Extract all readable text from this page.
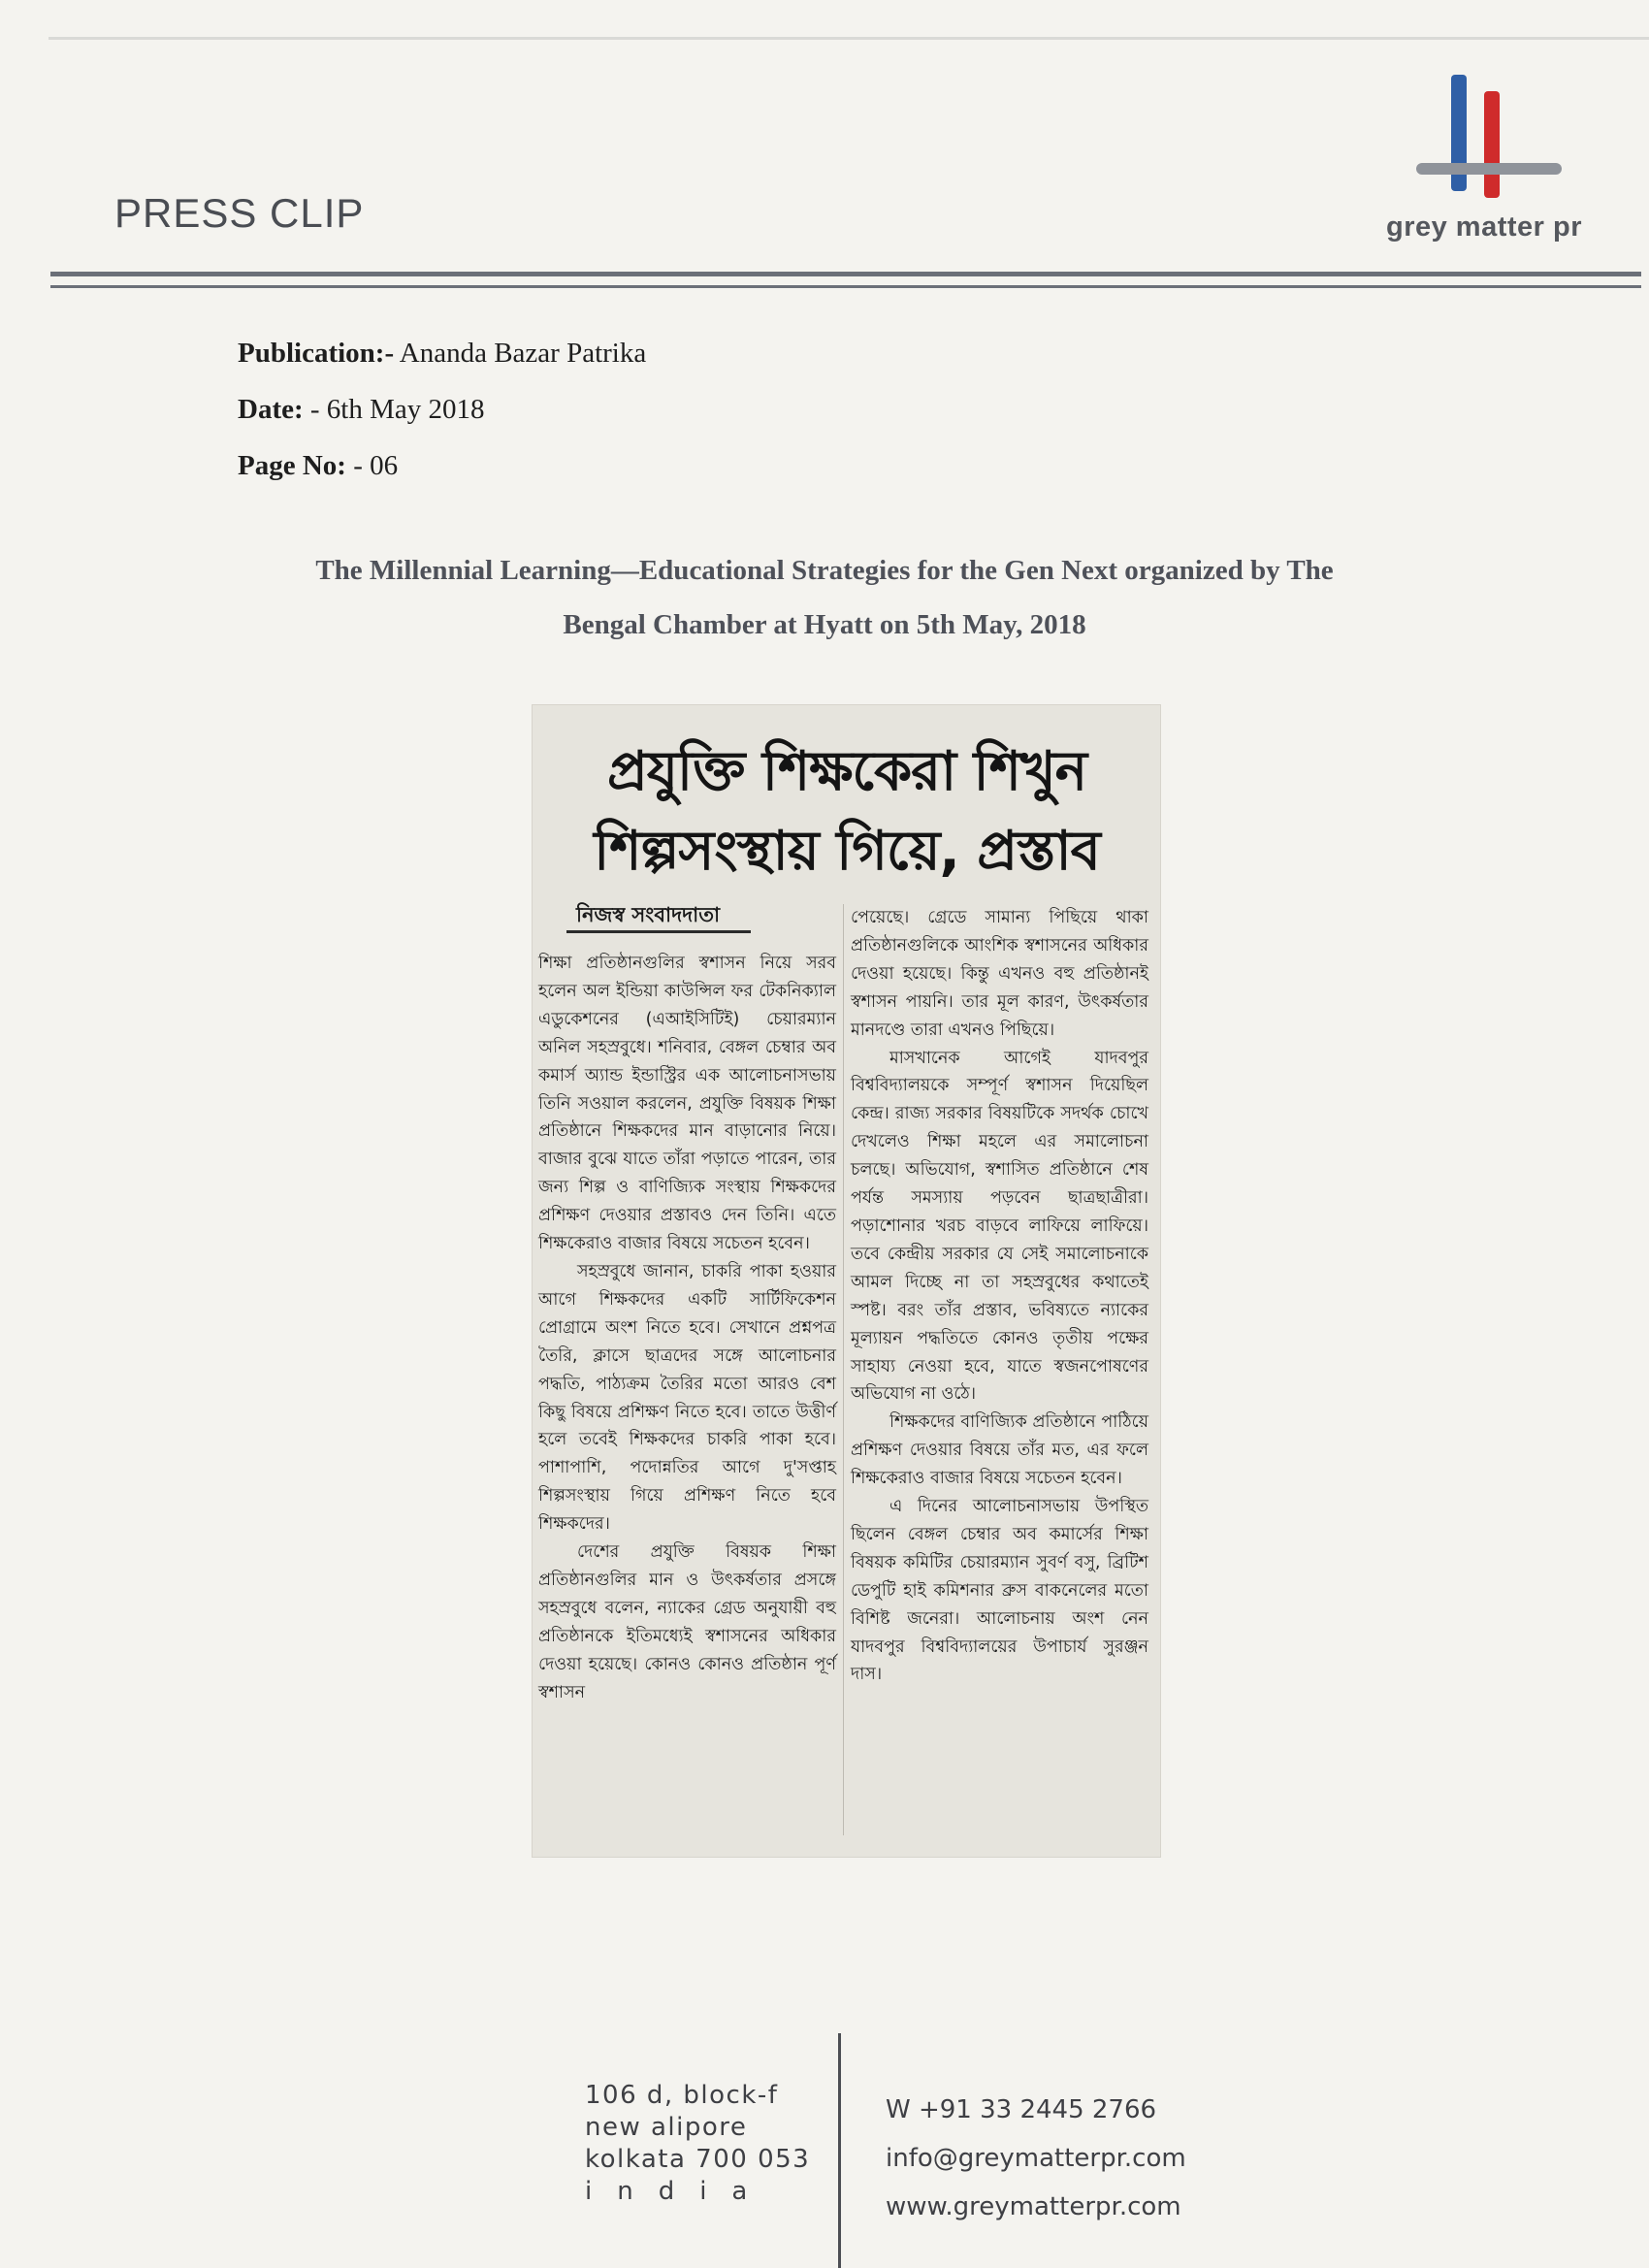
PRESS CLIP	grey matter pr
Publication:- Ananda Bazar Patrika
Date: - 6th May 2018
Page No: - 06
The Millennial Learning—Educational Strategies for the Gen Next organized by The
Bengal Chamber at Hyatt on 5th May, 2018
প্রযুক্তি শিক্ষকেরা শিখুন
শিল্পসংস্থায় গিয়ে, প্রস্তাব
নিজস্ব সংবাদদাতা

শিক্ষা প্রতিষ্ঠানগুলির স্বশাসন নিয়ে সরব হলেন অল ইন্ডিয়া কাউন্সিল ফর টেকনিক্যাল এডুকেশনের (এআইসিটিই) চেয়ারম্যান অনিল সহস্রবুধে। শনিবার, বেঙ্গল চেম্বার অব কমার্স অ্যান্ড ইন্ডাস্ট্রির এক আলোচনাসভায় তিনি সওয়াল করলেন, প্রযুক্তি বিষয়ক শিক্ষা প্রতিষ্ঠানে শিক্ষকদের মান বাড়ানোর নিয়ে। বাজার বুঝে যাতে তাঁরা পড়াতে পারেন, তার জন্য শিল্প ও বাণিজ্যিক সংস্থায় শিক্ষকদের প্রশিক্ষণ দেওয়ার প্রস্তাবও দেন তিনি। এতে শিক্ষকেরাও বাজার বিষয়ে সচেতন হবেন।

সহস্রবুধে জানান, চাকরি পাকা হওয়ার আগে শিক্ষকদের একটি সার্টিফিকেশন প্রোগ্রামে অংশ নিতে হবে। সেখানে প্রশ্নপত্র তৈরি, ক্লাসে ছাত্রদের সঙ্গে আলোচনার পদ্ধতি, পাঠ্যক্রম তৈরির মতো আরও বেশ কিছু বিষয়ে প্রশিক্ষণ নিতে হবে। তাতে উত্তীর্ণ হলে তবেই শিক্ষকদের চাকরি পাকা হবে। পাশাপাশি, পদোন্নতির আগে দু'সপ্তাহ শিল্পসংস্থায় গিয়ে প্রশিক্ষণ নিতে হবে শিক্ষকদের।

দেশের প্রযুক্তি বিষয়ক শিক্ষা প্রতিষ্ঠানগুলির মান ও উৎকর্ষতার প্রসঙ্গে সহস্রবুধে বলেন, ন্যাকের গ্রেড অনুযায়ী বহু প্রতিষ্ঠানকে ইতিমধ্যেই স্বশাসনের অধিকার দেওয়া হয়েছে। কোনও কোনও প্রতিষ্ঠান পূর্ণ স্বশাসন

পেয়েছে। গ্রেডে সামান্য পিছিয়ে থাকা প্রতিষ্ঠানগুলিকে আংশিক স্বশাসনের অধিকার দেওয়া হয়েছে। কিন্তু এখনও বহু প্রতিষ্ঠানই স্বশাসন পায়নি। তার মূল কারণ, উৎকর্ষতার মানদণ্ডে তারা এখনও পিছিয়ে।

মাসখানেক আগেই যাদবপুর বিশ্ববিদ্যালয়কে সম্পূর্ণ স্বশাসন দিয়েছিল কেন্দ্র। রাজ্য সরকার বিষয়টিকে সদর্থক চোখে দেখলেও শিক্ষা মহলে এর সমালোচনা চলছে। অভিযোগ, স্বশাসিত প্রতিষ্ঠানে শেষ পর্যন্ত সমস্যায় পড়বেন ছাত্রছাত্রীরা। পড়াশোনার খরচ বাড়বে লাফিয়ে লাফিয়ে। তবে কেন্দ্রীয় সরকার যে সেই সমালোচনাকে আমল দিচ্ছে না তা সহস্রবুধের কথাতেই স্পষ্ট। বরং তাঁর প্রস্তাব, ভবিষ্যতে ন্যাকের মূল্যায়ন পদ্ধতিতে কোনও তৃতীয় পক্ষের সাহায্য নেওয়া হবে, যাতে স্বজনপোষণের অভিযোগ না ওঠে।

শিক্ষকদের বাণিজ্যিক প্রতিষ্ঠানে পাঠিয়ে প্রশিক্ষণ দেওয়ার বিষয়ে তাঁর মত, এর ফলে শিক্ষকেরাও বাজার বিষয়ে সচেতন হবেন।

এ দিনের আলোচনাসভায় উপস্থিত ছিলেন বেঙ্গল চেম্বার অব কমার্সের শিক্ষা বিষয়ক কমিটির চেয়ারম্যান সুবর্ণ বসু, ব্রিটিশ ডেপুটি হাই কমিশনার ব্রুস বাকনেলের মতো বিশিষ্ট জনেরা। আলোচনায় অংশ নেন যাদবপুর বিশ্ববিদ্যালয়ের উপাচার্য সুরঞ্জন দাস।

106 d, block-f
new alipore
kolkata 700 053
india
W +91 33 2445 2766
info@greymatterpr.com
www.greymatterpr.com
